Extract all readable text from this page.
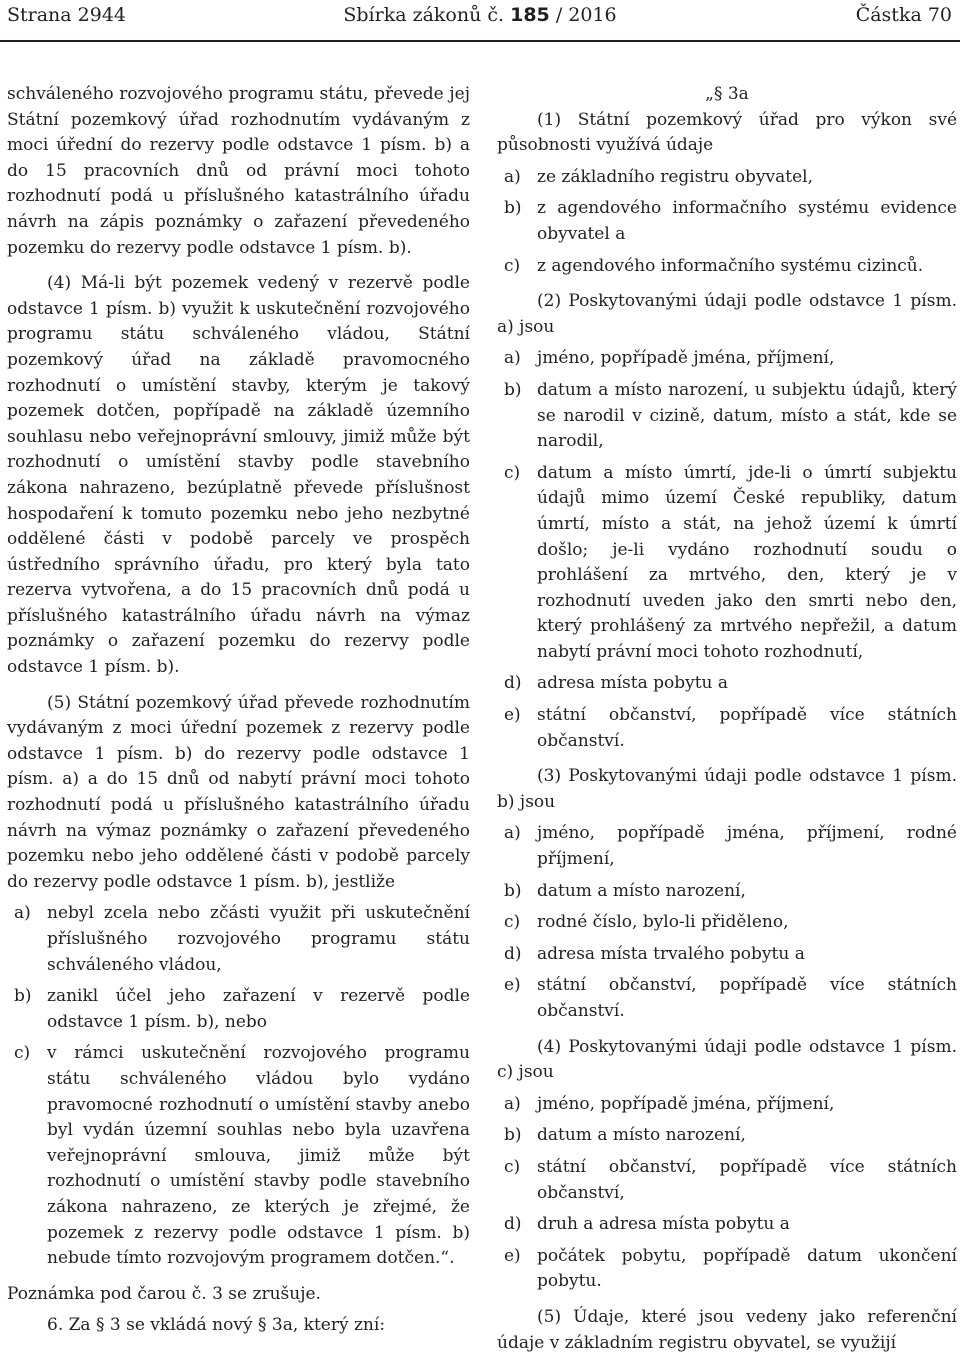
Strana 2944	Sbírka zákonů č. 185 / 2016	Částka 70

schváleného rozvojového programu státu, převede jej Státní pozemkový úřad rozhodnutím vydávaným z moci úřední do rezervy podle odstavce 1 písm. b) a do 15 pracovních dnů od právní moci tohoto rozhodnutí podá u příslušného katastrálního úřadu návrh na zápis poznámky o zařazení převedeného pozemku do rezervy podle odstavce 1 písm. b).

(4) Má-li být pozemek vedený v rezervě podle odstavce 1 písm. b) využit k uskutečnění rozvojového programu státu schváleného vládou, Státní pozemkový úřad na základě pravomocného rozhodnutí o umístění stavby, kterým je takový pozemek dotčen, popřípadě na základě územního souhlasu nebo veřejnoprávní smlouvy, jimiž může být rozhodnutí o umístění stavby podle stavebního zákona nahrazeno, bezúplatně převede příslušnost hospodaření k tomuto pozemku nebo jeho nezbytné oddělené části v podobě parcely ve prospěch ústředního správního úřadu, pro který byla tato rezerva vytvořena, a do 15 pracovních dnů podá u příslušného katastrálního úřadu návrh na výmaz poznámky o zařazení pozemku do rezervy podle odstavce 1 písm. b).

(5) Státní pozemkový úřad převede rozhodnutím vydávaným z moci úřední pozemek z rezervy podle odstavce 1 písm. b) do rezervy podle odstavce 1 písm. a) a do 15 dnů od nabytí právní moci tohoto rozhodnutí podá u příslušného katastrálního úřadu návrh na výmaz poznámky o zařazení převedeného pozemku nebo jeho oddělené části v podobě parcely do rezervy podle odstavce 1 písm. b), jestliže

a) nebyl zcela nebo zčásti využit při uskutečnění příslušného rozvojového programu státu schváleného vládou,
b) zanikl účel jeho zařazení v rezervě podle odstavce 1 písm. b), nebo
c) v rámci uskutečnění rozvojového programu státu schváleného vládou bylo vydáno pravomocné rozhodnutí o umístění stavby anebo byl vydán územní souhlas nebo byla uzavřena veřejnoprávní smlouva, jimiž může být rozhodnutí o umístění stavby podle stavebního zákona nahrazeno, ze kterých je zřejmé, že pozemek z rezervy podle odstavce 1 písm. b) nebude tímto rozvojovým programem dotčen.“.

Poznámka pod čarou č. 3 se zrušuje.

6. Za § 3 se vkládá nový § 3a, který zní:

„§ 3a

(1) Státní pozemkový úřad pro výkon své působnosti využívá údaje

a) ze základního registru obyvatel,
b) z agendového informačního systému evidence obyvatel a
c) z agendového informačního systému cizinců.

(2) Poskytovanými údaji podle odstavce 1 písm. a) jsou

a) jméno, popřípadě jména, příjmení,
b) datum a místo narození, u subjektu údajů, který se narodil v cizině, datum, místo a stát, kde se narodil,
c) datum a místo úmrtí, jde-li o úmrtí subjektu údajů mimo území České republiky, datum úmrtí, místo a stát, na jehož území k úmrtí došlo; je-li vydáno rozhodnutí soudu o prohlášení za mrtvého, den, který je v rozhodnutí uveden jako den smrti nebo den, který prohlášený za mrtvého nepřežil, a datum nabytí právní moci tohoto rozhodnutí,
d) adresa místa pobytu a
e) státní občanství, popřípadě více státních občanství.

(3) Poskytovanými údaji podle odstavce 1 písm. b) jsou

a) jméno, popřípadě jména, příjmení, rodné příjmení,
b) datum a místo narození,
c) rodné číslo, bylo-li přiděleno,
d) adresa místa trvalého pobytu a
e) státní občanství, popřípadě více státních občanství.

(4) Poskytovanými údaji podle odstavce 1 písm. c) jsou

a) jméno, popřípadě jména, příjmení,
b) datum a místo narození,
c) státní občanství, popřípadě více státních občanství,
d) druh a adresa místa pobytu a
e) počátek pobytu, popřípadě datum ukončení pobytu.

(5) Údaje, které jsou vedeny jako referenční údaje v základním registru obyvatel, se využijí
